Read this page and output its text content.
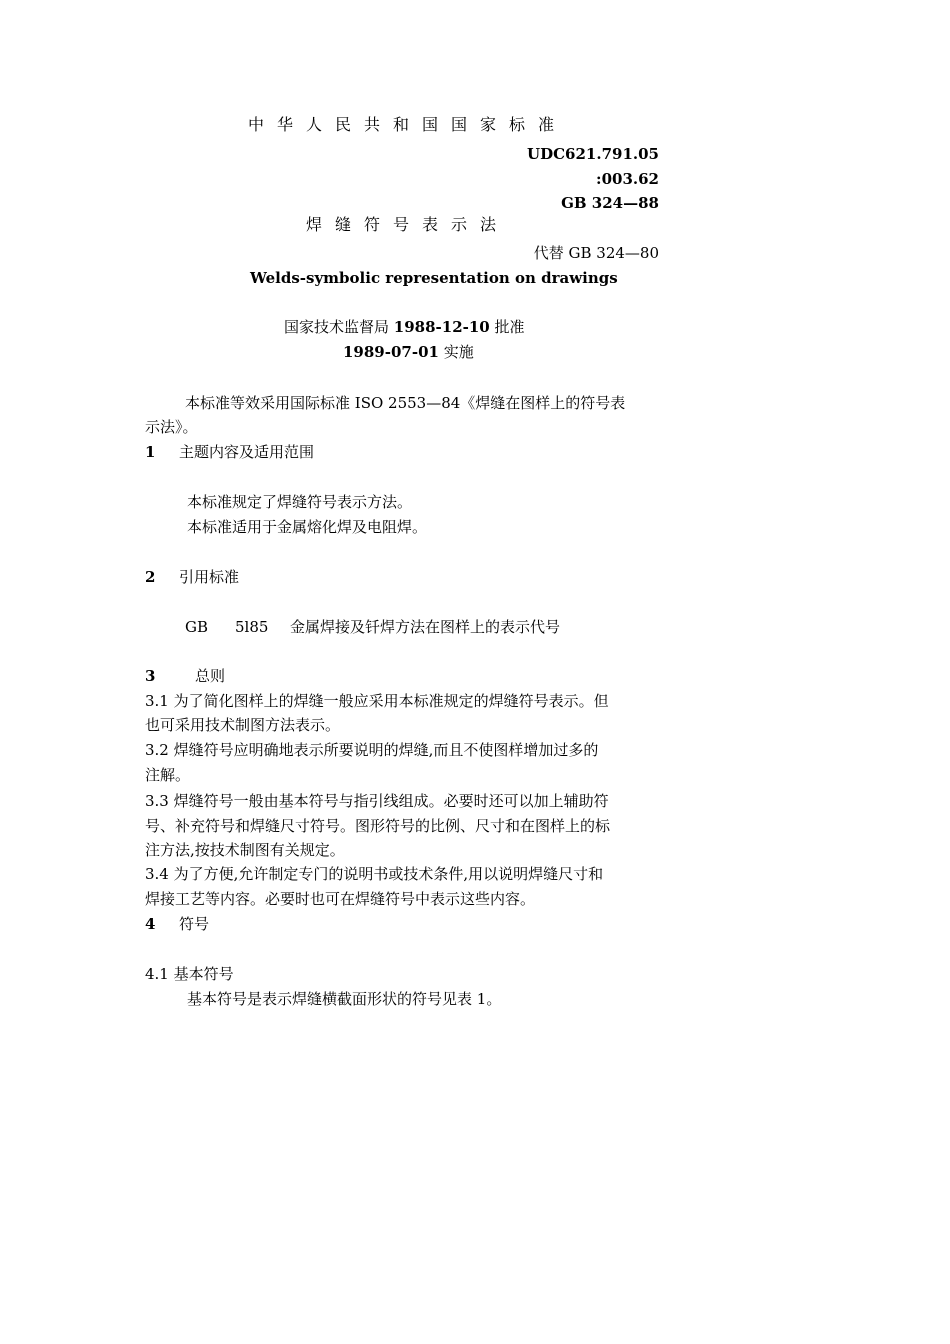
中华人民共和国国家标准
UDC621.791.05
:003.62
GB 324—88
焊缝符号表示法
代替 GB 324—80
Welds-symbolic representation on drawings
国家技术监督局 1988-12-10 批准
1989-07-01 实施
本标准等效采用国际标准 ISO 2553—84《焊缝在图样上的符号表
示法》。
1 主题内容及适用范围
本标准规定了焊缝符号表示方法。
本标准适用于金属熔化焊及电阻焊。
2 引用标准
GB 5l85 金属焊接及钎焊方法在图样上的表示代号
3	总则
3.1 为了简化图样上的焊缝一般应采用本标准规定的焊缝符号表示。但
也可采用技术制图方法表示。
3.2 焊缝符号应明确地表示所要说明的焊缝,而且不使图样增加过多的
注解。
3.3 焊缝符号一般由基本符号与指引线组成。必要时还可以加上辅助符
号、补充符号和焊缝尺寸符号。图形符号的比例、尺寸和在图样上的标
注方法,按技术制图有关规定。
3.4 为了方便,允许制定专门的说明书或技术条件,用以说明焊缝尺寸和
焊接工艺等内容。必要时也可在焊缝符号中表示这些内容。
4 符号
4.1 基本符号
基本符号是表示焊缝横截面形状的符号见表 1。
